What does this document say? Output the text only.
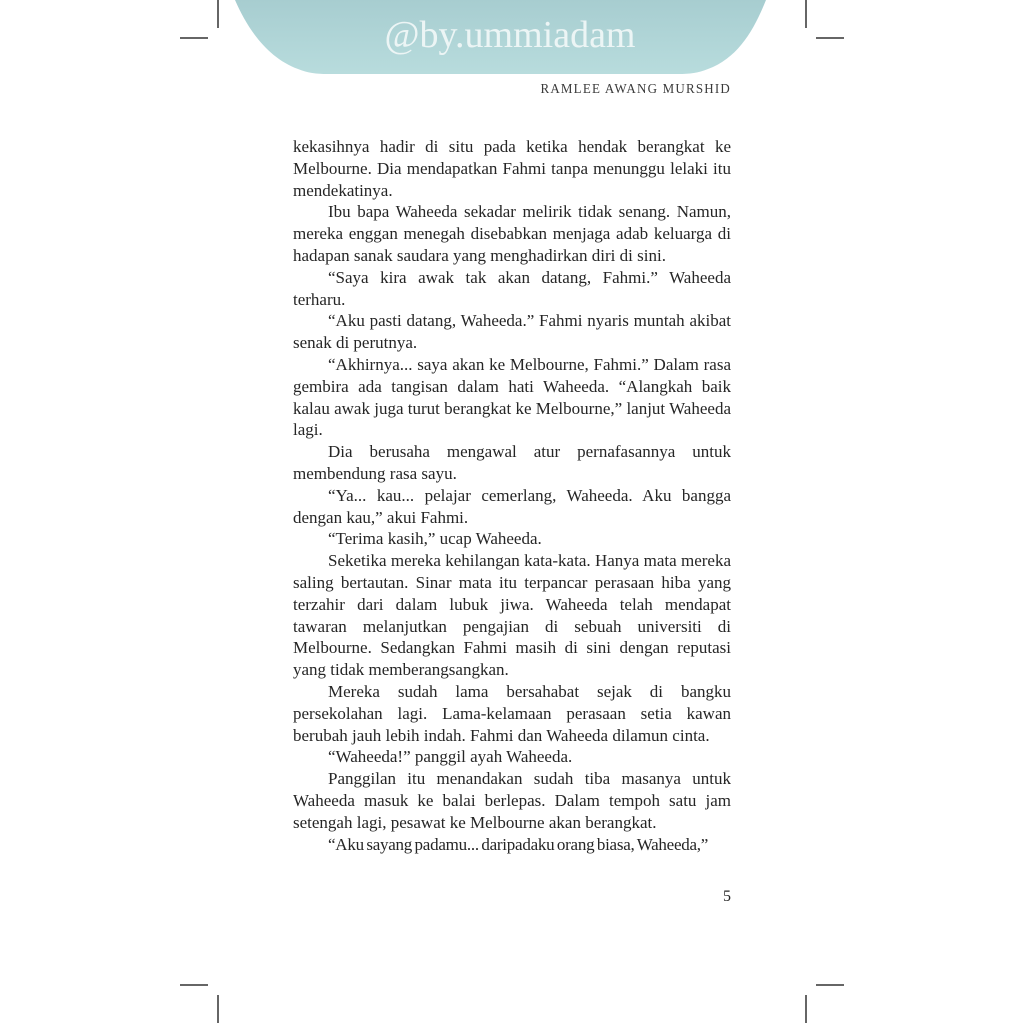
@by.ummiadam
RAMLEE AWANG MURSHID

kekasihnya hadir di situ pada ketika hendak berangkat ke Melbourne. Dia mendapatkan Fahmi tanpa menunggu lelaki itu mendekatinya.

Ibu bapa Waheeda sekadar melirik tidak senang. Namun, mereka enggan menegah disebabkan menjaga adab keluarga di hadapan sanak saudara yang menghadirkan diri di sini.

“Saya kira awak tak akan datang, Fahmi.” Waheeda terharu.

“Aku pasti datang, Waheeda.” Fahmi nyaris muntah akibat senak di perutnya.

“Akhirnya... saya akan ke Melbourne, Fahmi.” Dalam rasa gembira ada tangisan dalam hati Waheeda. “Alangkah baik kalau awak juga turut berangkat ke Melbourne,” lanjut Waheeda lagi.

Dia berusaha mengawal atur pernafasannya untuk membendung rasa sayu.

“Ya... kau... pelajar cemerlang, Waheeda. Aku bangga dengan kau,” akui Fahmi.

“Terima kasih,” ucap Waheeda.

Seketika mereka kehilangan kata-kata. Hanya mata mereka saling bertautan. Sinar mata itu terpancar perasaan hiba yang terzahir dari dalam lubuk jiwa. Waheeda telah mendapat tawaran melanjutkan pengajian di sebuah universiti di Melbourne. Sedangkan Fahmi masih di sini dengan reputasi yang tidak memberangsangkan.

Mereka sudah lama bersahabat sejak di bangku persekolahan lagi. Lama-kelamaan perasaan setia kawan berubah jauh lebih indah. Fahmi dan Waheeda dilamun cinta.

“Waheeda!” panggil ayah Waheeda.

Panggilan itu menandakan sudah tiba masanya untuk Waheeda masuk ke balai berlepas. Dalam tempoh satu jam setengah lagi, pesawat ke Melbourne akan berangkat.

“Aku sayang padamu... daripadaku orang biasa, Waheeda,”

5
